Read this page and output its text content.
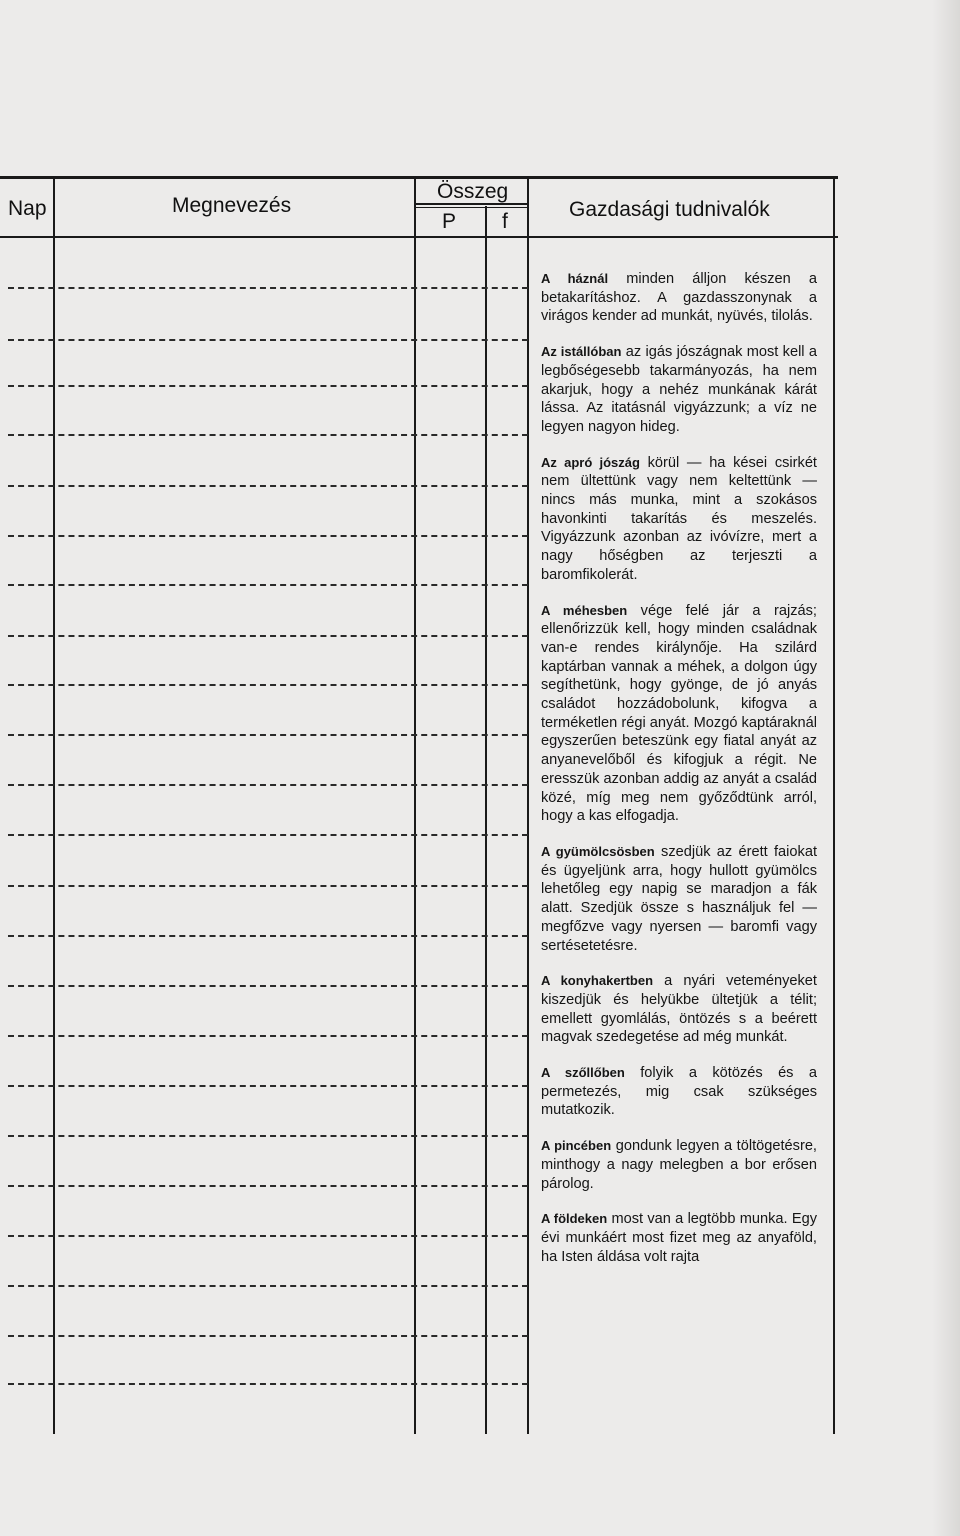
Nap	Megnevezés
Összeg
P f
Gazdasági tudnivalók

A háznál minden álljon készen a betakarításhoz. A gazdasszonynak a virágos kender ad munkát, nyüvés, tilolás.

Az istállóban az igás jószágnak most kell a legbőségesebb takarmányozás, ha nem akarjuk, hogy a nehéz munkának kárát lássa. Az itatásnál vigyázzunk; a víz ne legyen nagyon hideg.

Az apró jószág körül — ha kései csirkét nem ültettünk vagy nem keltettünk — nincs más munka, mint a szokásos havonkinti takarítás és meszelés. Vigyázzunk azonban az ivóvízre, mert a nagy hőségben az terjeszti a baromfikolerát.

A méhesben vége felé jár a rajzás; ellenőrizzük kell, hogy minden családnak van-e rendes királynője. Ha szilárd kaptárban vannak a méhek, a dolgon úgy segíthetünk, hogy gyönge, de jó anyás családot hozzádobolunk, kifogva a terméketlen régi anyát. Mozgó kaptáraknál egyszerűen beteszünk egy fiatal anyát az anyanevelőből és kifogjuk a régit. Ne eresszük azonban addig az anyát a család közé, míg meg nem győződtünk arról, hogy a kas elfogadja.

A gyümölcsösben szedjük az érett faiokat és ügyeljünk arra, hogy hullott gyümölcs lehetőleg egy napig se maradjon a fák alatt. Szedjük össze s használjuk fel — megfőzve vagy nyersen — baromfi vagy sertésetetésre.

A konyhakertben a nyári veteményeket kiszedjük és helyükbe ültetjük a télit; emellett gyomlálás, öntözés s a beérett magvak szedegetése ad még munkát.

A szőllőben folyik a kötözés és a permetezés, mig csak szükséges mutatkozik.

A pincében gondunk legyen a töltögetésre, minthogy a nagy melegben a bor erősen párolog.

A földeken most van a legtöbb munka. Egy évi munkáért most fizet meg az anyaföld, ha Isten áldása volt rajta
